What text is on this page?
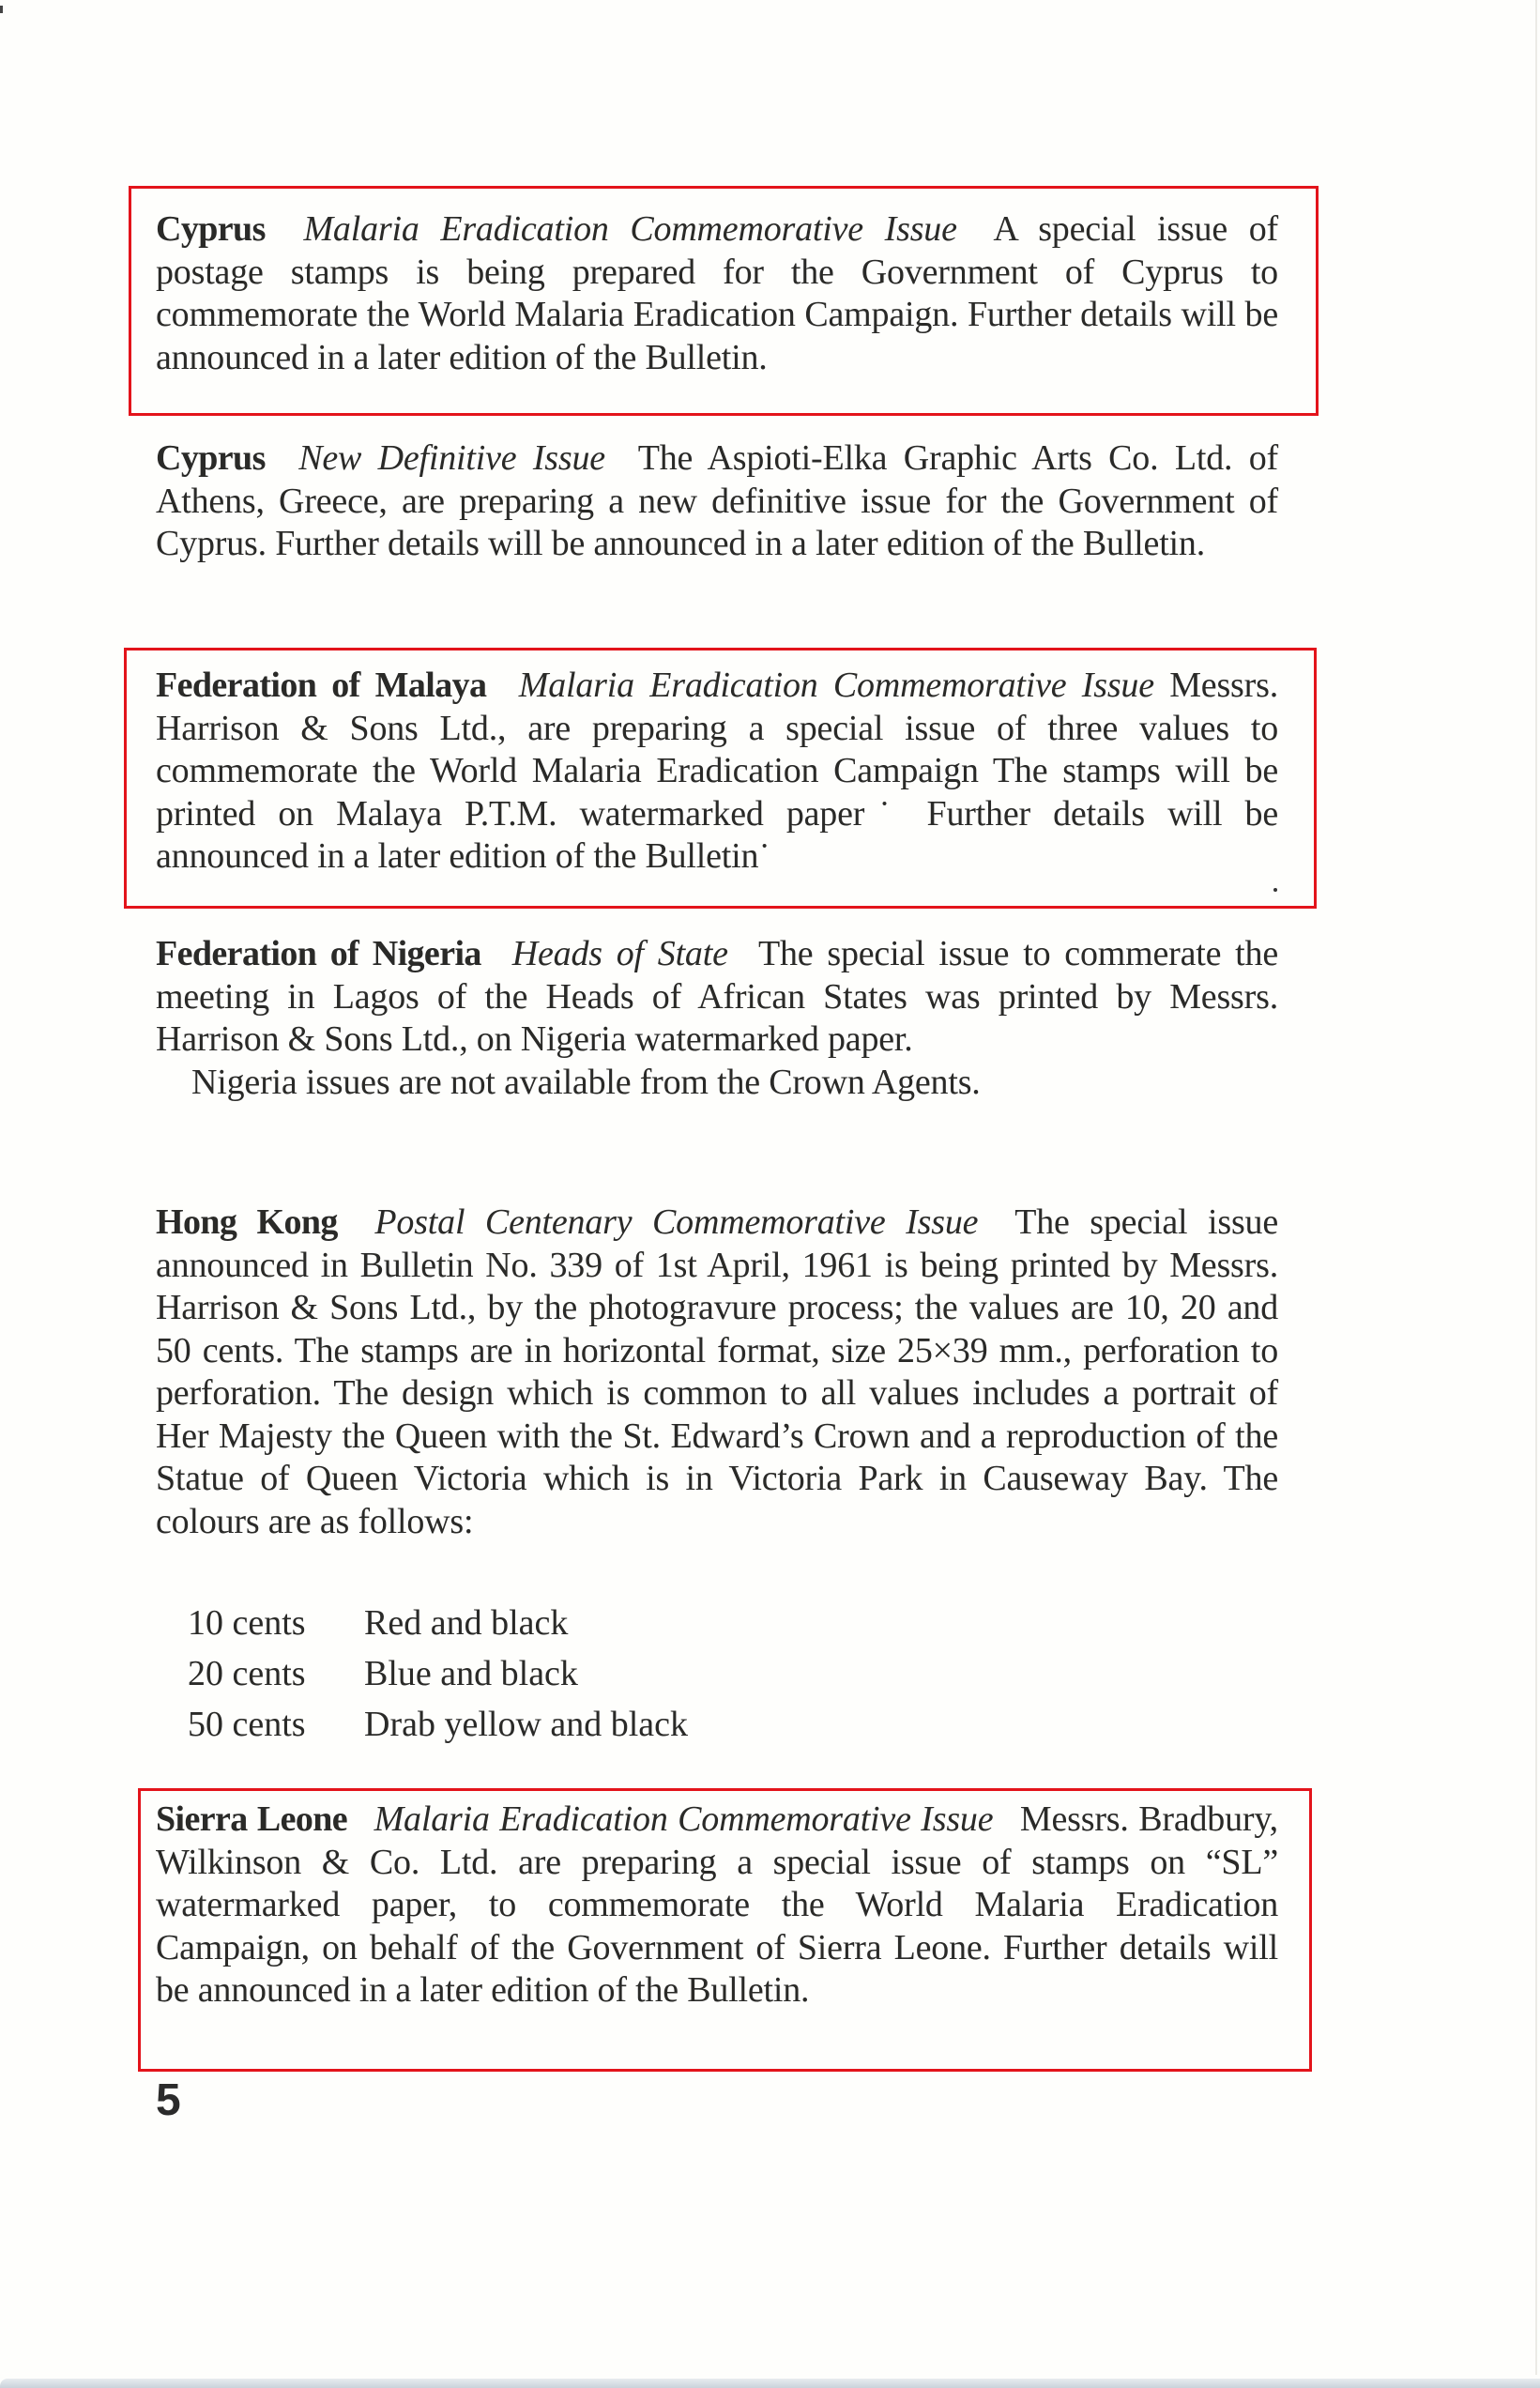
Cyprus Malaria Eradication Commemorative Issue A special issue of postage stamps is being prepared for the Government of Cyprus to commemorate the World Malaria Eradication Campaign. Further details will be announced in a later edition of the Bulletin.
Cyprus New Definitive Issue The Aspioti-Elka Graphic Arts Co. Ltd. of Athens, Greece, are preparing a new definitive issue for the Government of Cyprus. Further details will be announced in a later edition of the Bulletin.
Federation of Malaya Malaria Eradication Commemorative Issue Messrs. Harrison & Sons Ltd., are preparing a special issue of three values to commemorate the World Malaria Eradication Campaign The stamps will be printed on Malaya P.T.M. watermarked paper˙ Further details will be announced in a later edition of the Bulletin˙
Federation of Nigeria Heads of State The special issue to commerate the meeting in Lagos of the Heads of African States was printed by Messrs. Harrison & Sons Ltd., on Nigeria watermarked paper.
Nigeria issues are not available from the Crown Agents.
Hong Kong Postal Centenary Commemorative Issue The special issue announced in Bulletin No. 339 of 1st April, 1961 is being printed by Messrs. Harrison & Sons Ltd., by the photogravure process; the values are 10, 20 and 50 cents. The stamps are in horizontal format, size 25×39 mm., perforation to perforation. The design which is common to all values includes a portrait of Her Majesty the Queen with the St. Edward’s Crown and a reproduction of the Statue of Queen Victoria which is in Victoria Park in Causeway Bay. The colours are as follows:
10 cents	Red and black
20 cents	Blue and black
50 cents	Drab yellow and black
Sierra Leone Malaria Eradication Commemorative Issue Messrs. Bradbury, Wilkinson & Co. Ltd. are preparing a special issue of stamps on “SL” watermarked paper, to commemorate the World Malaria Eradication Campaign, on behalf of the Government of Sierra Leone. Further details will be announced in a later edition of the Bulletin.
5
